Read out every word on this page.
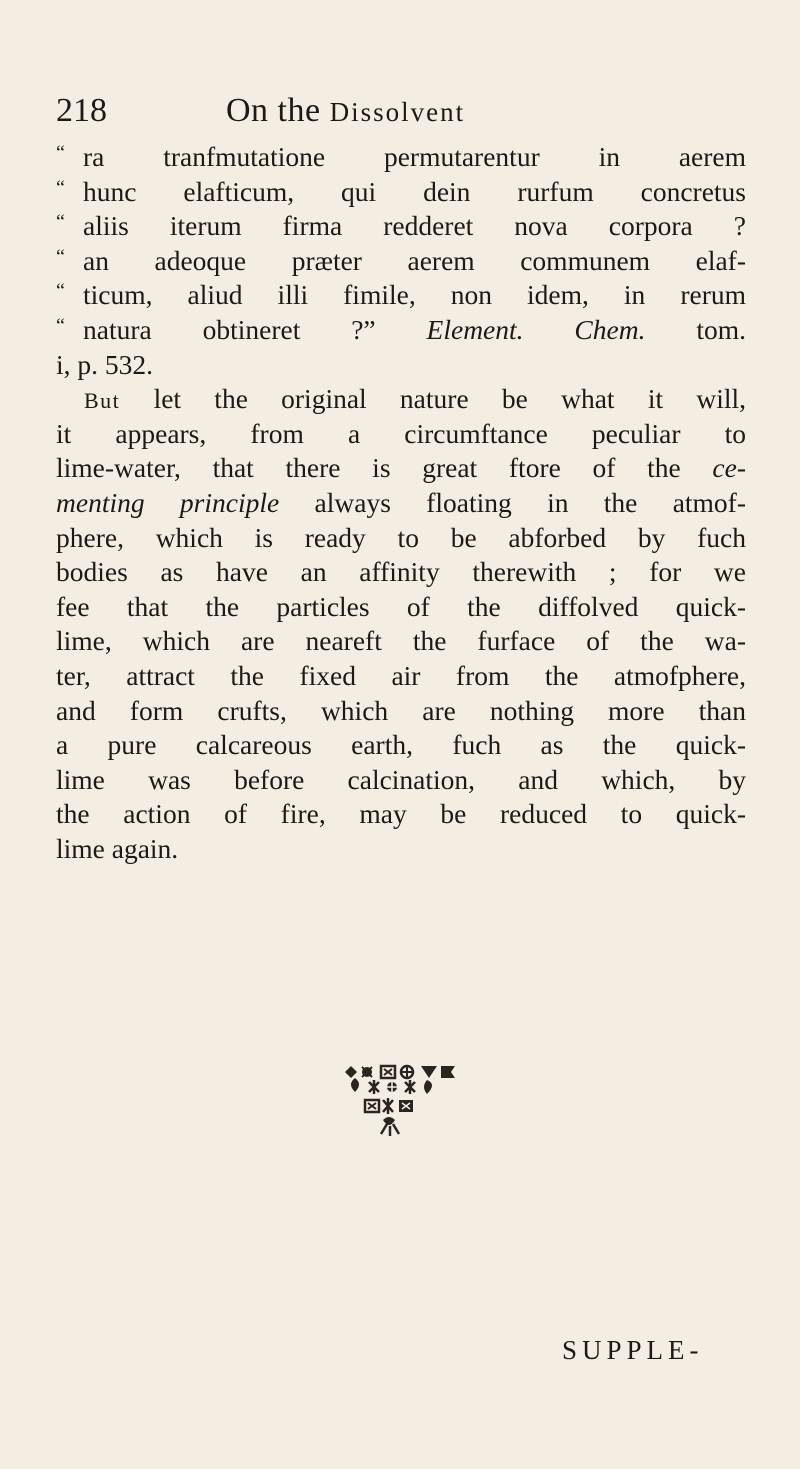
218	On the Dissolvent
“ ra tranfmutatione permutarentur in aerem
“ hunc elafticum, qui dein rurfum concretus
“ aliis iterum firma redderet nova corpora ?
“ an adeoque præter aerem communem elaf-
“ ticum, aliud illi fimile, non idem, in rerum
“ natura obtineret ?” Element. Chem. tom.
i, p. 532.
But let the original nature be what it will,
it appears, from a circumftance peculiar to
lime-water, that there is great ftore of the ce-
menting principle always floating in the atmof-
phere, which is ready to be abforbed by fuch
bodies as have an affinity therewith ; for we
fee that the particles of the diffolved quick-
lime, which are neareft the furface of the wa-
ter, attract the fixed air from the atmofphere,
and form crufts, which are nothing more than
a pure calcareous earth, fuch as the quick-
lime was before calcination, and which, by
the action of fire, may be reduced to quick-
lime again.
SUPPLE-
